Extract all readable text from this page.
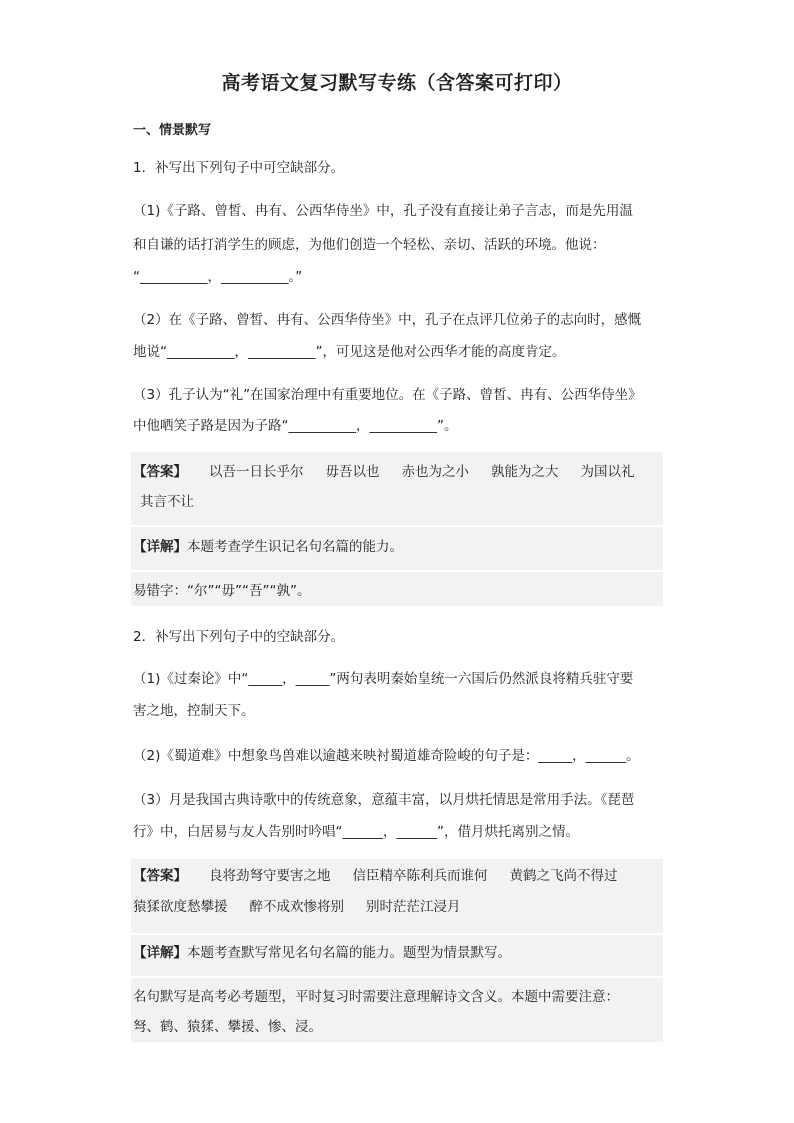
高考语文复习默写专练（含答案可打印）
一、情景默写
1．补写出下列句子中可空缺部分。
（1)《子路、曾皙、冉有、公西华侍坐》中，孔子没有直接让弟子言志，而是先用温
和自谦的话打消学生的顾虑，为他们创造一个轻松、亲切、活跃的环境。他说：
“__________，__________。”
（2）在《子路、曾皙、冉有、公西华侍坐》中，孔子在点评几位弟子的志向时，感慨
地说“__________，__________”，可见这是他对公西华才能的高度肯定。
（3）孔子认为“礼”在国家治理中有重要地位。在《子路、曾皙、冉有、公西华侍坐》
中他哂笑子路是因为子路“__________，__________”。
【答案】 以吾一日长乎尔 毋吾以也 赤也为之小 孰能为之大 为国以礼
其言不让
【详解】本题考查学生识记名句名篇的能力。
易错字：“尔”“毋”“吾”“孰”。
2．补写出下列句子中的空缺部分。
（1)《过秦论》中“_____，_____”两句表明秦始皇统一六国后仍然派良将精兵驻守要
害之地，控制天下。
（2)《蜀道难》中想象鸟兽难以逾越来映衬蜀道雄奇险峻的句子是：_____，______。
（3）月是我国古典诗歌中的传统意象，意蕴丰富，以月烘托情思是常用手法。《琵琶
行》中，白居易与友人告别时吟唱“______，______”，借月烘托离别之情。
【答案】 良将劲弩守要害之地 信臣精卒陈利兵而谁何 黄鹤之飞尚不得过
猿猱欲度愁攀援 醉不成欢惨将别 别时茫茫江浸月
【详解】本题考查默写常见名句名篇的能力。题型为情景默写。
名句默写是高考必考题型，平时复习时需要注意理解诗文含义。本题中需要注意：
弩、鹤、猿猱、攀援、惨、浸。
